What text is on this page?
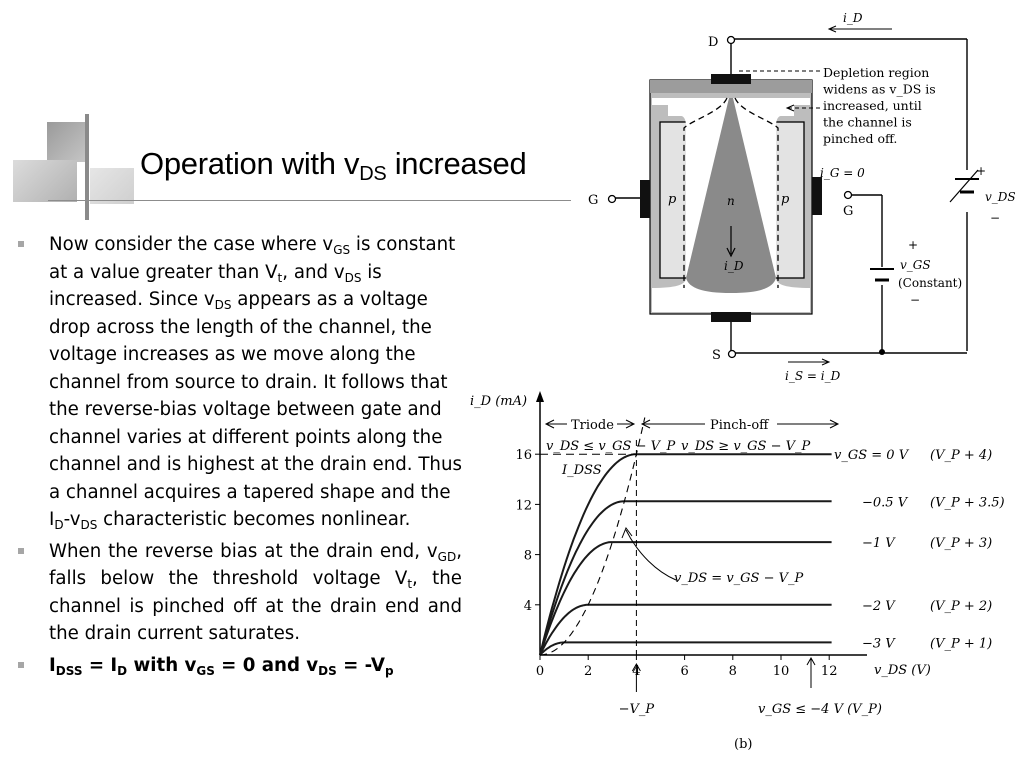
Operation with $v_{DS}$ increased
Now consider the case where $v_{GS}$ is constant at a value greater than $V_t$, and $v_{DS}$ is increased. Since $v_{DS}$ appears as a voltage drop across the length of the channel, the voltage increases as we move along the channel from source to drain. It follows that the reverse-bias voltage between gate and channel varies at different points along the channel and is highest at the drain end. Thus a channel acquires a tapered shape and the $I_D-v_{DS}$ characteristic becomes nonlinear.
When the reverse bias at the drain end, $v_{GD}$, falls below the threshold voltage $V_t$, the channel is pinched off at the drain end and the drain current saturates.
$I_{DSS} = I_D$ with $v_{GS} = 0$ and $v_{DS} = -V_p$
D
S
G
G
p	p
n
i_D
i_D
i_G = 0
i_S = i_D
+
v_DS
−
+
v_GS
(Constant)
−
Depletion region
widens as v_DS is
increased, until
the channel is
pinched off.
i_D (mA)
v_DS (V)
0	2	4	6	8	10 12
4
8
12
16	v_GS = 0 V (V_P + 4)
−0.5 V (V_P + 3.5)
−1 V	(V_P + 3)
−2 V	(V_P + 2)
−3 V	(V_P + 1)
I_DSS
Triode	Pinch-off
v_DS ≤ v_GS − V_P v_DS ≥ v_GS − V_P
v_DS = v_GS − V_P
−V_P	v_GS ≤ −4 V (V_P)
(b)
